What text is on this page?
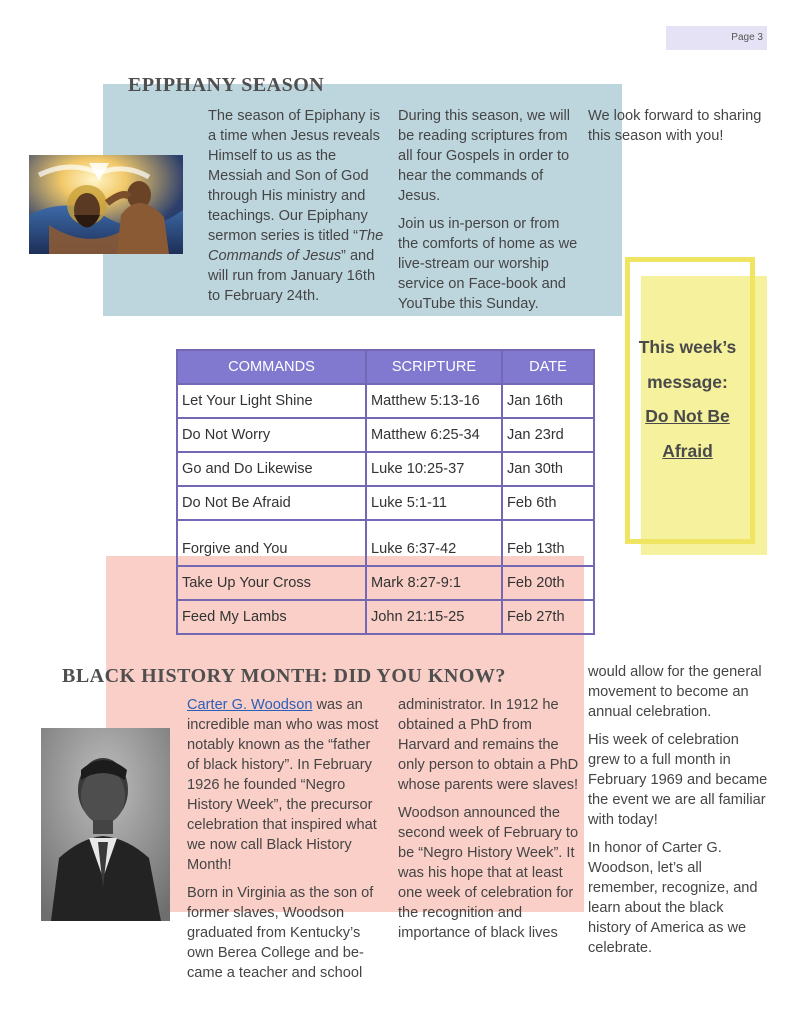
Page 3
EPIPHANY SEASON

The season of Epiphany is a time when Jesus reveals Himself to us as the Messiah and Son of God through His ministry and teachings. Our Epiphany sermon series is titled “The Commands of Jesus” and will run from January 16th to February 24th.

During this season, we will be reading scriptures from all four Gospels in order to hear the commands of Jesus.

Join us in-person or from the comforts of home as we live-stream our worship service on Face-book and YouTube this Sunday.

We look forward to sharing this season with you!

This week’s message:
Do Not Be Afraid
COMMANDS	SCRIPTURE	DATE
Let Your Light Shine	Matthew 5:13-16	Jan 16th
Do Not Worry	Matthew 6:25-34	Jan 23rd
Go and Do Likewise	Luke 10:25-37	Jan 30th
Do Not Be Afraid	Luke 5:1-11	Feb 6th
Forgive and You	Luke 6:37-42	Feb 13th
Take Up Your Cross	Mark 8:27-9:1	Feb 20th
Feed My Lambs	John 21:15-25	Feb 27th
BLACK HISTORY MONTH: DID YOU KNOW?

Carter G. Woodson was an incredible man who was most notably known as the “father of black history”. In February 1926 he founded “Negro History Week”, the precursor celebration that inspired what we now call Black History Month!

Born in Virginia as the son of former slaves, Woodson graduated from Kentucky’s own Berea College and be-came a teacher and school

administrator. In 1912 he obtained a PhD from Harvard and remains the only person to obtain a PhD whose parents were slaves!

Woodson announced the second week of February to be “Negro History Week”. It was his hope that at least one week of celebration for the recognition and importance of black lives

would allow for the general movement to become an annual celebration.

His week of celebration grew to a full month in February 1969 and became the event we are all familiar with today!

In honor of Carter G. Woodson, let’s all remember, recognize, and learn about the black history of America as we celebrate.
